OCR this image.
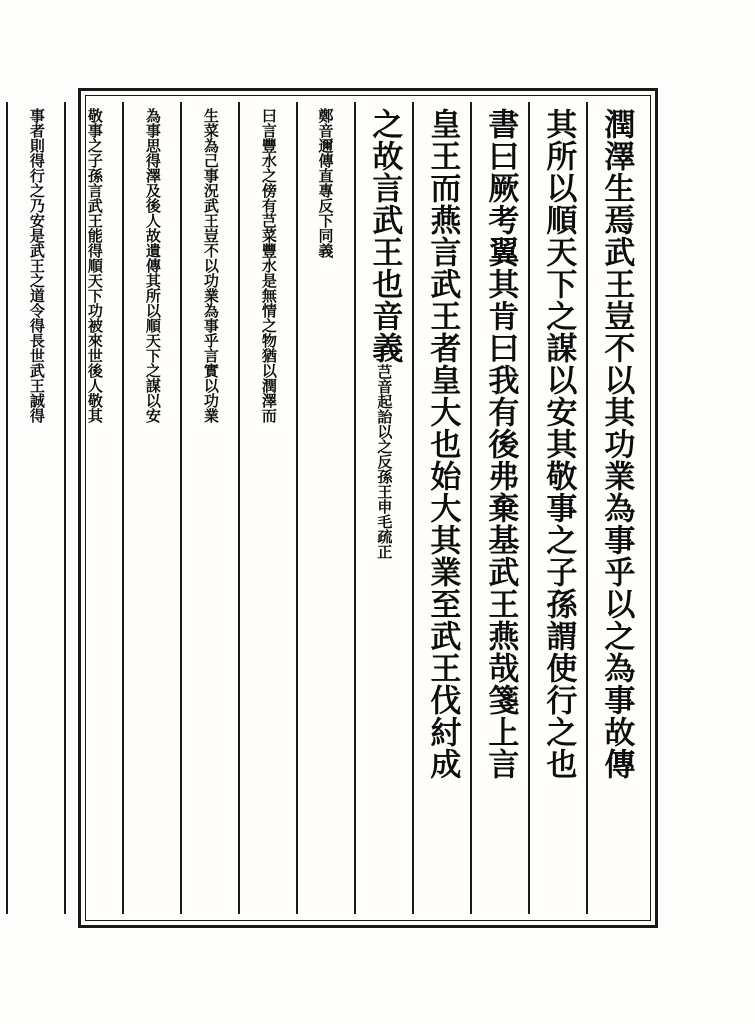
潤澤生焉武王豈不以其功業為事乎以之為事故傳
其所以順天下之謀以安其敬事之子孫謂使行之也
書曰厥考翼其肯曰我有後弗棄基武王燕哉箋上言
皇王而燕言武王者皇大也始大其業至武王伐紂成
之故言武王也音義芑音起詒以之反孫王申毛疏正
鄭音邇傳直專反下同義
曰言豐水之傍有芑菜豐水是無情之物猶以潤澤而
生菜為己事況武王豈不以功業為事乎言實以功業
為事思得澤及後人故遺傳其所以順天下之謀以安
敬事之子孫言武王能得順天下功被來世後人敬其
事者則得行之乃安是武王之道令得長世武王誠得
